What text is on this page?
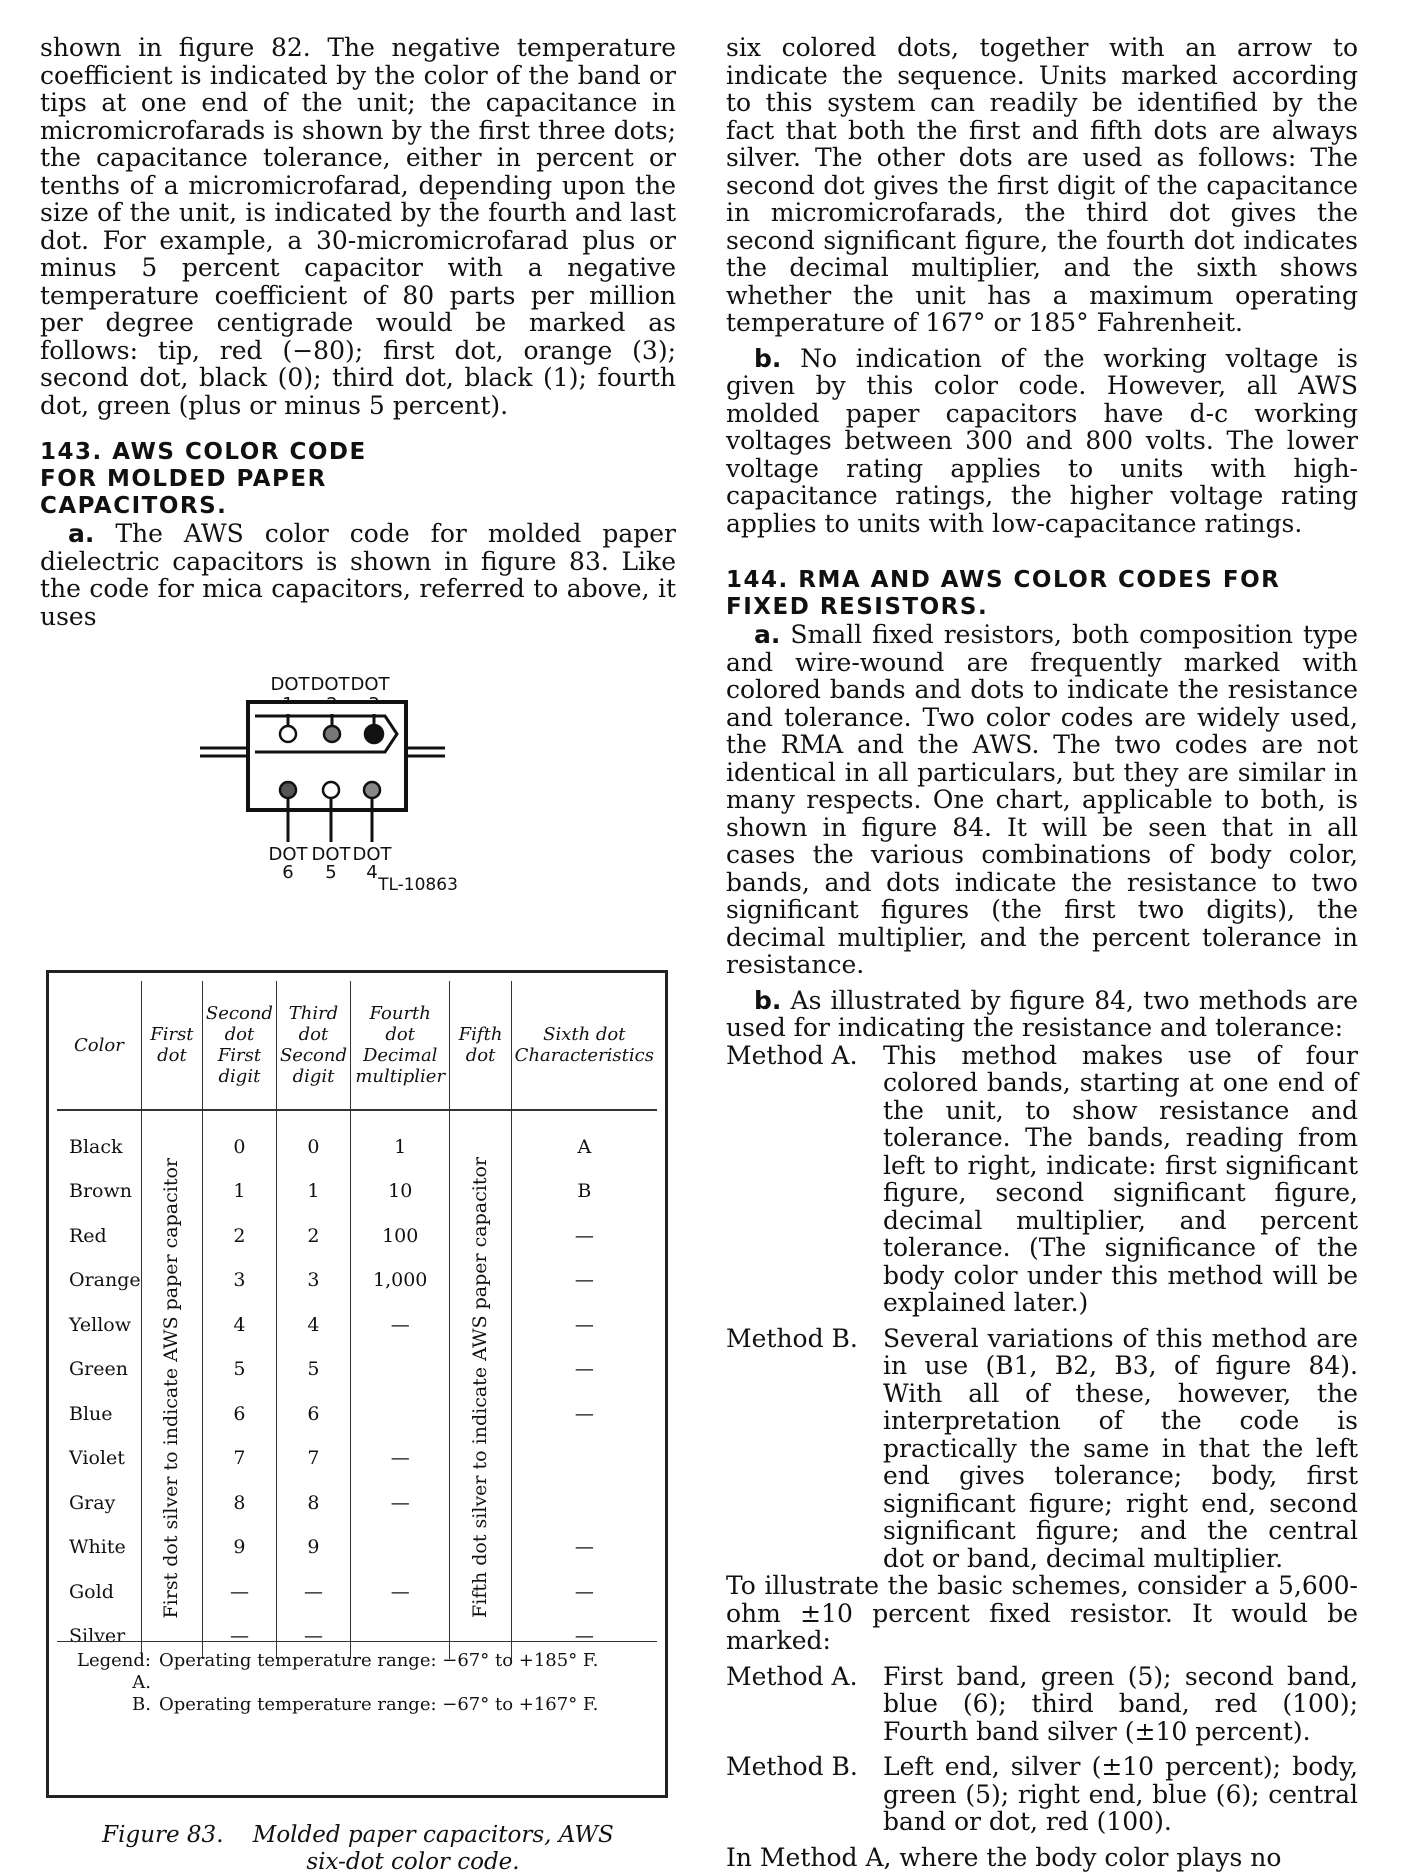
shown in figure 82. The negative temperature coefficient is indicated by the color of the band or tips at one end of the unit; the capacitance in micromicrofarads is shown by the first three dots; the capacitance tolerance, either in percent or tenths of a micromicrofarad, depending upon the size of the unit, is indicated by the fourth and last dot. For example, a 30-micromicrofarad plus or minus 5 percent capacitor with a negative temperature coefficient of 80 parts per million per degree centigrade would be marked as follows: tip, red (−80); first dot, orange (3); second dot, black (0); third dot, black (1); fourth dot, green (plus or minus 5 percent).

143. AWS COLOR CODE FOR MOLDED PAPER CAPACITORS.

a. The AWS color code for molded paper dielectric capacitors is shown in figure 83. Like the code for mica capacitors, referred to above, it uses

DOT DOT DOT
DOT DOT DOT
6 5 4
TL-10863
Color	First dot	Second dot First digit	Third dot Second digit	Fourth dot Decimal multiplier	Fifth dot	Sixth dot Characteristics
Black	First dot silver to indicate AWS paper capacitor	0	0	1	Fifth dot silver to indicate AWS paper capacitor	A
Brown		1	1	10		B
Red		2	2	100		—
Orange		3	3	1,000		—
Yellow		4	4	—		—
Green		5	5			—
Blue		6	6			—
Violet		7	7	—		
Gray		8	8	—		
White		9	9			—
Gold		—	—	—		—
Silver		—	—			—
Legend: A.
Operating temperature range: −67° to +185° F.
B. Operating temperature range: −67° to +167° F.
Figure 83. Molded paper capacitors, AWS
six-dot color code.

six colored dots, together with an arrow to indicate the sequence. Units marked according to this system can readily be identified by the fact that both the first and fifth dots are always silver. The other dots are used as follows: The second dot gives the first digit of the capacitance in micromicrofarads, the third dot gives the second significant figure, the fourth dot indicates the decimal multiplier, and the sixth shows whether the unit has a maximum operating temperature of 167° or 185° Fahrenheit.

b. No indication of the working voltage is given by this color code. However, all AWS molded paper capacitors have d-c working voltages between 300 and 800 volts. The lower voltage rating applies to units with high-capacitance ratings, the higher voltage rating applies to units with low-capacitance ratings.

144. RMA AND AWS COLOR CODES FOR FIXED RESISTORS.

a. Small fixed resistors, both composition type and wire-wound are frequently marked with colored bands and dots to indicate the resistance and tolerance. Two color codes are widely used, the RMA and the AWS. The two codes are not identical in all particulars, but they are similar in many respects. One chart, applicable to both, is shown in figure 84. It will be seen that in all cases the various combinations of body color, bands, and dots indicate the resistance to two significant figures (the first two digits), the decimal multiplier, and the percent tolerance in resistance.

b. As illustrated by figure 84, two methods are used for indicating the resistance and tolerance:

Method A.	This method makes use of four colored bands, starting at one end of the unit, to show resistance and tolerance. The bands, reading from left to right, indicate: first significant figure, second significant figure, decimal multiplier, and percent tolerance. (The significance of the body color under this method will be explained later.)
Method B.	Several variations of this method are in use (B1, B2, B3, of figure 84). With all of these, however, the interpretation of the code is practically the same in that the left end gives tolerance; body, first significant figure; right end, second significant figure; and the central dot or band, decimal multiplier.

To illustrate the basic schemes, consider a 5,600-ohm ±10 percent fixed resistor. It would be marked:

Method A.	First band, green (5); second band, blue (6); third band, red (100); Fourth band silver (±10 percent).
Method B.	Left end, silver (±10 percent); body, green (5); right end, blue (6); central band or dot, red (100).

In Method A, where the body color plays no
